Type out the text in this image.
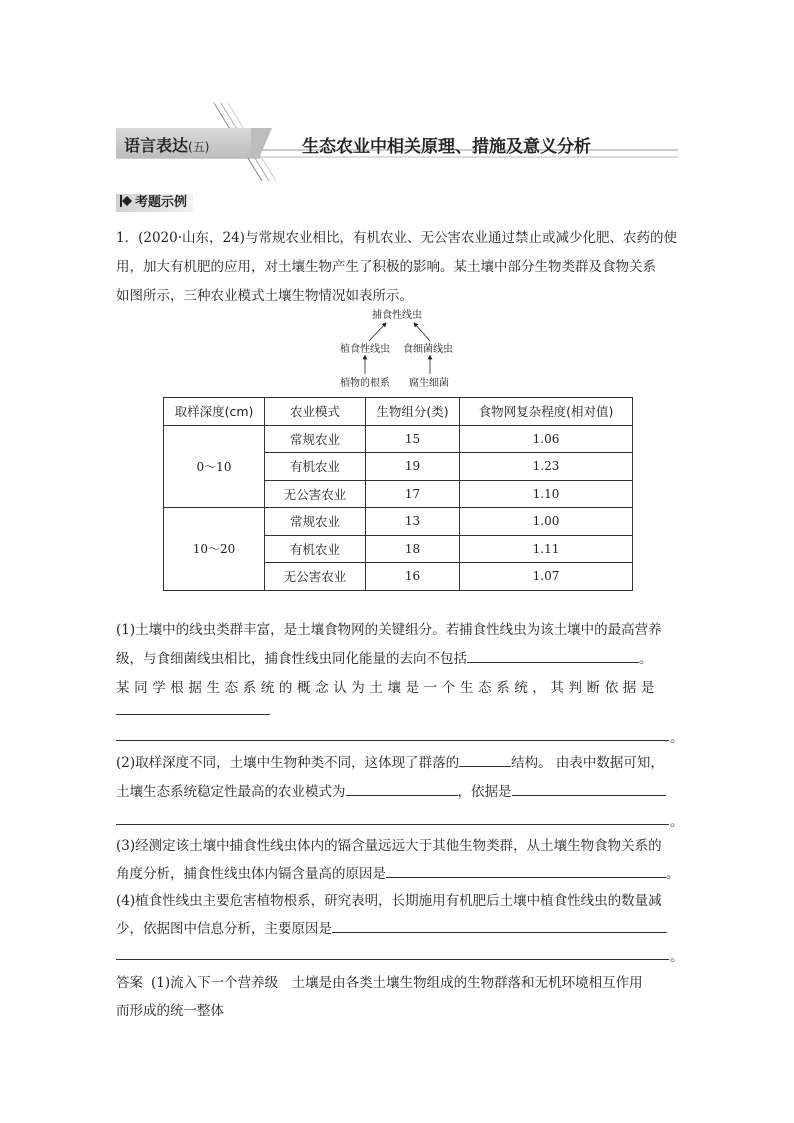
语言表达(五)	生态农业中相关原理、措施及意义分析
考题示例
1．(2020·山东，24)与常规农业相比，有机农业、无公害农业通过禁止或减少化肥、农药的使
用，加大有机肥的应用，对土壤生物产生了积极的影响。某土壤中部分生物类群及食物关系
如图所示，三种农业模式土壤生物情况如表所示。
捕食性线虫
植食性线虫 食细菌线虫
植物的根系 腐生细菌
取样深度(cm)	农业模式	生物组分(类)	食物网复杂程度(相对值)
0～10	常规农业	15	1.06
	有机农业	19	1.23
	无公害农业	17	1.10
10～20	常规农业	13	1.00
	有机农业	18	1.11
	无公害农业	16	1.07
(1)土壤中的线虫类群丰富，是土壤食物网的关键组分。若捕食性线虫为该土壤中的最高营养
级，与食细菌线虫相比，捕食性线虫同化能量的去向不包括	。
某同学根据生态系统的概念认为土壤是一个生态系统，其判断依据是
。
(2)取样深度不同，土壤中生物种类不同，这体现了群落的	结构。 由表中数据可知，
土壤生态系统稳定性最高的农业模式为	，依据是
。
(3)经测定该土壤中捕食性线虫体内的镉含量远远大于其他生物类群，从土壤生物食物关系的
角度分析，捕食性线虫体内镉含量高的原因是	。
(4)植食性线虫主要危害植物根系，研究表明，长期施用有机肥后土壤中植食性线虫的数量减
少，依据图中信息分析，主要原因是
。
答案 (1)流入下一个营养级　土壤是由各类土壤生物组成的生物群落和无机环境相互作用
而形成的统一整体
